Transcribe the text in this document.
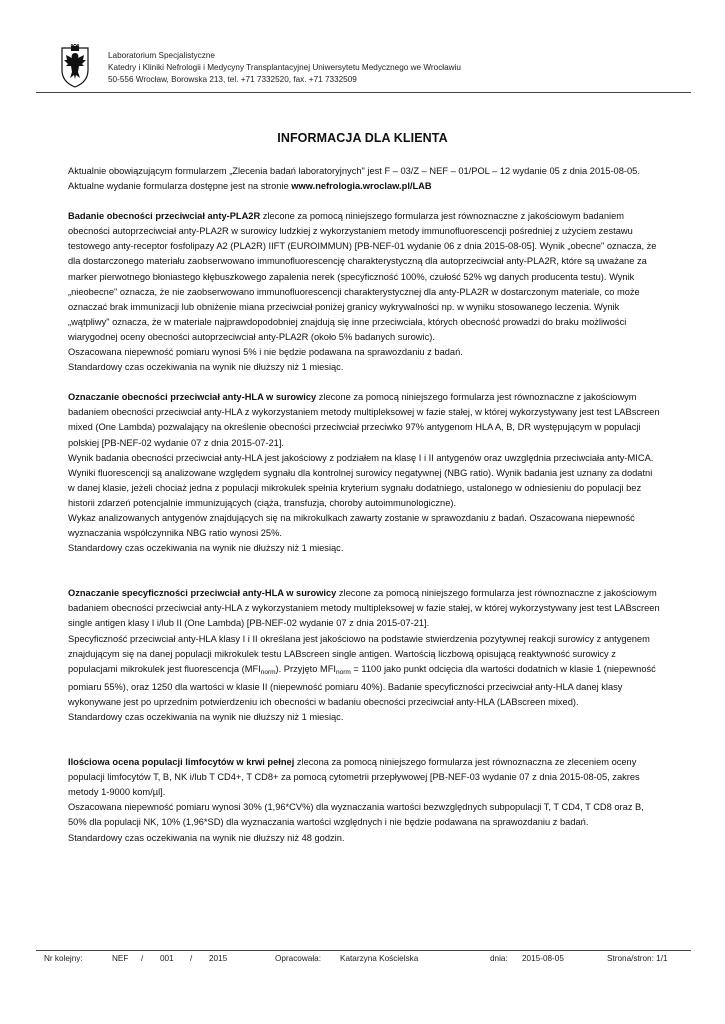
Laboratorium Specjalistyczne
Katedry i Kliniki Nefrologii i Medycyny Transplantacyjnej Uniwersytetu Medycznego we Wrocławiu
50-556 Wrocław, Borowska 213, tel. +71 7332520, fax. +71 7332509
INFORMACJA DLA KLIENTA

Aktualnie obowiązującym formularzem „Zlecenia badań laboratoryjnych" jest F – 03/Z – NEF – 01/POL – 12 wydanie 05 z dnia 2015-08-05. Aktualne wydanie formularza dostępne jest na stronie www.nefrologia.wroclaw.pl/LAB

Badanie obecności przeciwciał anty-PLA2R zlecone za pomocą niniejszego formularza jest równoznaczne z jakościowym badaniem obecności autoprzeciwciał anty-PLA2R w surowicy ludzkiej z wykorzystaniem metody immunofluorescencji pośredniej z użyciem zestawu testowego anty-receptor fosfolipazy A2 (PLA2R) IIFT (EUROIMMUN) [PB-NEF-01 wydanie 06 z dnia 2015-08-05]. Wynik „obecne" oznacza, że dla dostarczonego materiału zaobserwowano immunofluorescencję charakterystyczną dla autoprzeciwciał anty-PLA2R, które są uważane za marker pierwotnego błoniastego kłębuszkowego zapalenia nerek (specyficzność 100%, czułość 52% wg danych producenta testu). Wynik „nieobecne" oznacza, że nie zaobserwowano immunofluorescencji charakterystycznej dla anty-PLA2R w dostarczonym materiale, co może oznaczać brak immunizacji lub obniżenie miana przeciwciał poniżej granicy wykrywalności np. w wyniku stosowanego leczenia. Wynik „wątpliwy" oznacza, że w materiale najprawdopodobniej znajdują się inne przeciwciała, których obecność prowadzi do braku możliwości wiarygodnej oceny obecności autoprzeciwciał anty-PLA2R (około 5% badanych surowic).

Oszacowana niepewność pomiaru wynosi 5% i nie będzie podawana na sprawozdaniu z badań.

Standardowy czas oczekiwania na wynik nie dłuższy niż 1 miesiąc.

Oznaczanie obecności przeciwciał anty-HLA w surowicy zlecone za pomocą niniejszego formularza jest równoznaczne z jakościowym badaniem obecności przeciwciał anty-HLA z wykorzystaniem metody multipleksowej w fazie stałej, w której wykorzystywany jest test LABscreen mixed (One Lambda) pozwalający na określenie obecności przeciwciał przeciwko 97% antygenom HLA A, B, DR występującym w populacji polskiej [PB-NEF-02 wydanie 07 z dnia 2015-07-21].

Wynik badania obecności przeciwciał anty-HLA jest jakościowy z podziałem na klasę I i II antygenów oraz uwzględnia przeciwciała anty-MICA. Wyniki fluorescencji są analizowane względem sygnału dla kontrolnej surowicy negatywnej (NBG ratio). Wynik badania jest uznany za dodatni w danej klasie, jeżeli chociaż jedna z populacji mikrokulek spełnia kryterium sygnału dodatniego, ustalonego w odniesieniu do populacji bez historii zdarzeń potencjalnie immunizujących (ciąża, transfuzja, choroby autoimmunologiczne).

Wykaz analizowanych antygenów znajdujących się na mikrokulkach zawarty zostanie w sprawozdaniu z badań. Oszacowana niepewność wyznaczania współczynnika NBG ratio wynosi 25%.

Standardowy czas oczekiwania na wynik nie dłuższy niż 1 miesiąc.

Oznaczanie specyficzności przeciwciał anty-HLA w surowicy zlecone za pomocą niniejszego formularza jest równoznaczne z jakościowym badaniem obecności przeciwciał anty-HLA z wykorzystaniem metody multipleksowej w fazie stałej, w której wykorzystywany jest test LABscreen single antigen klasy I i/lub II (One Lambda) [PB-NEF-02 wydanie 07 z dnia 2015-07-21].

Specyficzność przeciwciał anty-HLA klasy I i II określana jest jakościowo na podstawie stwierdzenia pozytywnej reakcji surowicy z antygenem znajdującym się na danej populacji mikrokulek testu LABscreen single antigen. Wartością liczbową opisującą reaktywność surowicy z populacjami mikrokulek jest fluorescencja $(MFI_{norm})$. Przyjęto $MFI_{norm} = 1100$ jako punkt odcięcia dla wartości dodatnich w klasie 1 (niepewność pomiaru 55%), oraz 1250 dla wartości w klasie II (niepewność pomiaru 40%). Badanie specyficzności przeciwciał anty-HLA danej klasy wykonywane jest po uprzednim potwierdzeniu ich obecności w badaniu obecności przeciwciał anty-HLA (LABscreen mixed).

Standardowy czas oczekiwania na wynik nie dłuższy niż 1 miesiąc.

Ilościowa ocena populacji limfocytów w krwi pełnej zlecona za pomocą niniejszego formularza jest równoznaczna ze zleceniem oceny populacji limfocytów T, B, NK i/lub T CD4+, T CD8+ za pomocą cytometrii przepływowej [PB-NEF-03 wydanie 07 z dnia 2015-08-05, zakres metody 1-9000 kom/µl].

Oszacowana niepewność pomiaru wynosi 30% (1,96*CV%) dla wyznaczania wartości bezwzględnych subpopulacji T, T CD4, T CD8 oraz B, 50% dla populacji NK, 10% (1,96*SD) dla wyznaczania wartości względnych i nie będzie podawana na sprawozdaniu z badań.

Standardowy czas oczekiwania na wynik nie dłuższy niż 48 godzin.

Nr kolejny:	NEF / 001 / 2015	Opracowała: Katarzyna Kościelska	dnia: 2015-08-05	Strona/stron: 1/1
